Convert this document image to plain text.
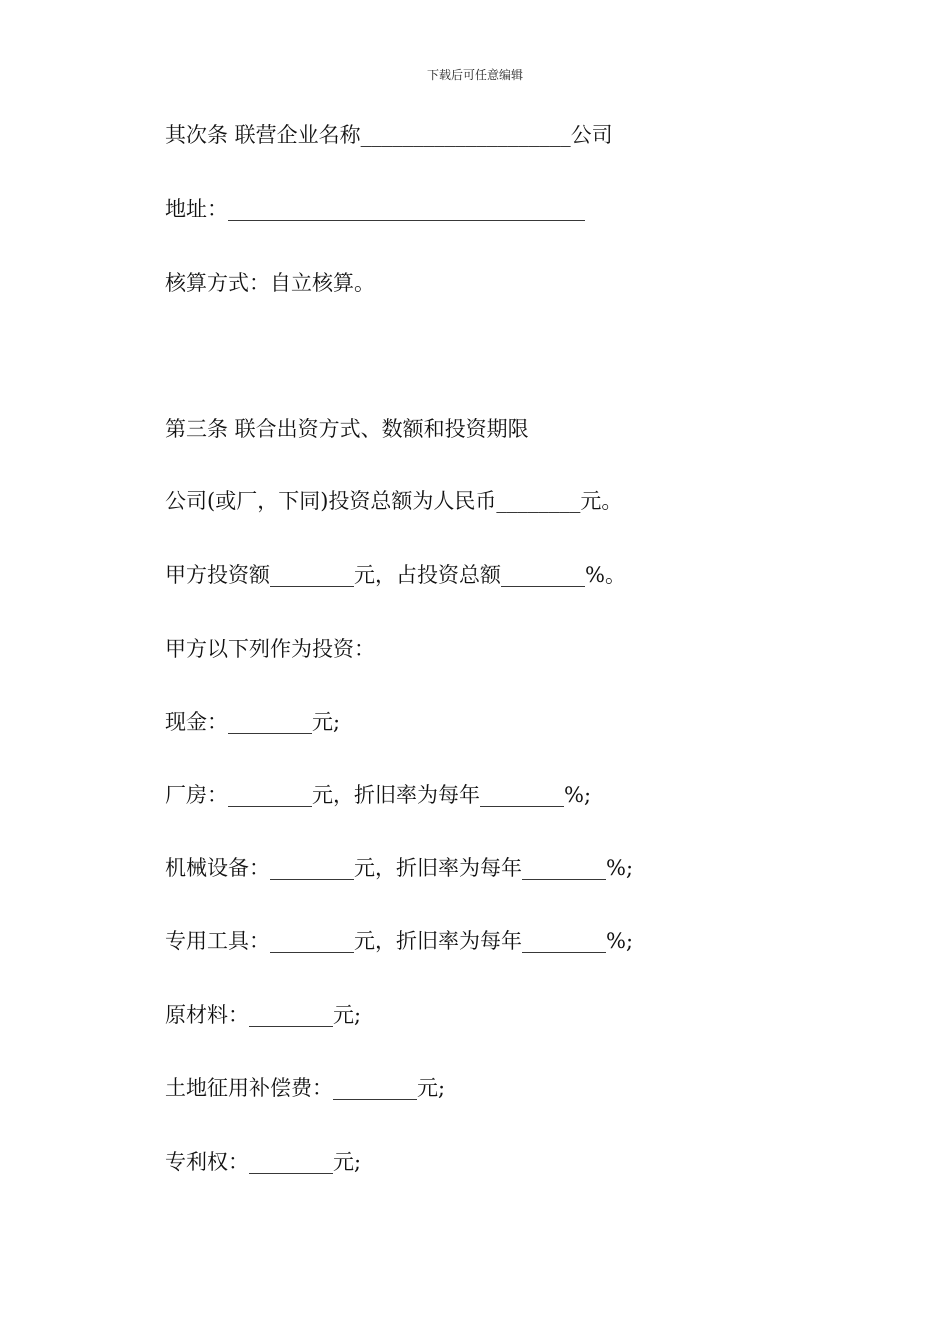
下载后可任意编辑
其次条 联营企业名称____________________公司
地址：__________________________________
核算方式：自立核算。
第三条 联合出资方式、数额和投资期限
公司(或厂，下同)投资总额为人民币________元。
甲方投资额________元，占投资总额________%。
甲方以下列作为投资：
现金：________元;
厂房：________元，折旧率为每年________%;
机械设备：________元，折旧率为每年________%;
专用工具：________元，折旧率为每年________%;
原材料：________元;
土地征用补偿费：________元;
专利权：________元;
